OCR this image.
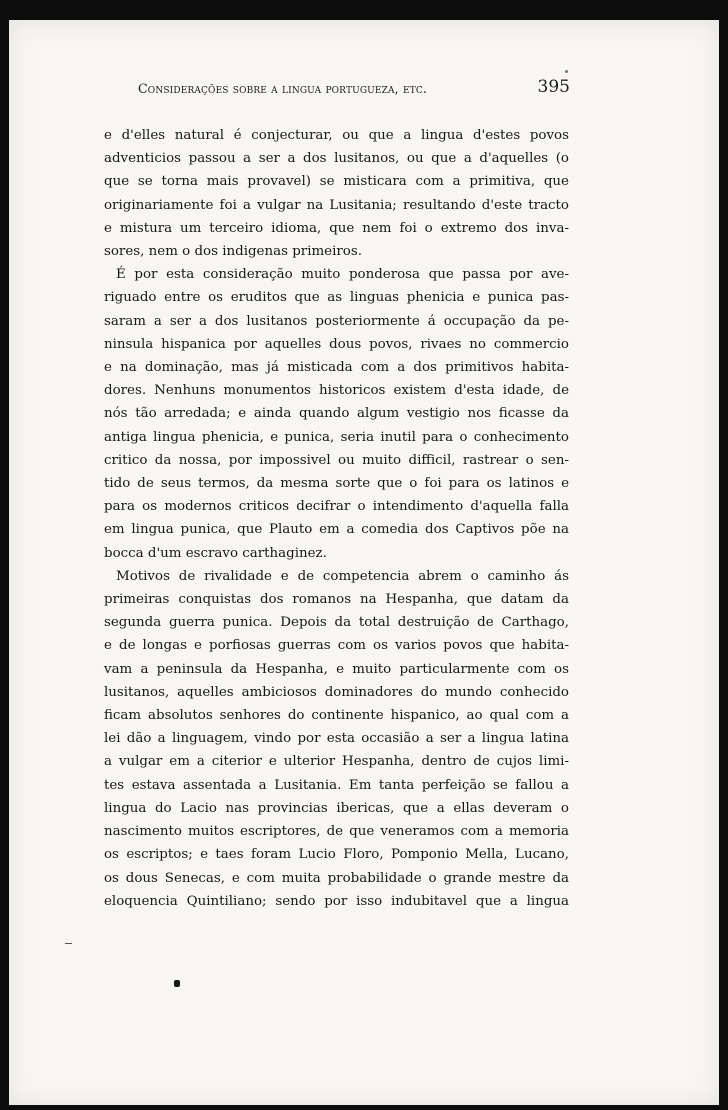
Considerações sobre a lingua portugueza, etc.	395

e d'elles natural é conjecturar, ou que a lingua d'estes povos

adventicios passou a ser a dos lusitanos, ou que a d'aquelles (o

que se torna mais provavel) se misticara com a primitiva, que

originariamente foi a vulgar na Lusitania; resultando d'este tracto

e mistura um terceiro idioma, que nem foi o extremo dos inva-

sores, nem o dos indigenas primeiros.

É por esta consideração muito ponderosa que passa por ave-

riguado entre os eruditos que as linguas phenicia e punica pas-

saram a ser a dos lusitanos posteriormente á occupação da pe-

ninsula hispanica por aquelles dous povos, rivaes no commercio

e na dominação, mas já misticada com a dos primitivos habita-

dores. Nenhuns monumentos historicos existem d'esta idade, de

nós tão arredada; e ainda quando algum vestigio nos ficasse da

antiga lingua phenicia, e punica, seria inutil para o conhecimento

critico da nossa, por impossivel ou muito difficil, rastrear o sen-

tido de seus termos, da mesma sorte que o foi para os latinos e

para os modernos criticos decifrar o intendimento d'aquella falla

em lingua punica, que Plauto em a comedia dos Captivos põe na

bocca d'um escravo carthaginez.

Motivos de rivalidade e de competencia abrem o caminho ás

primeiras conquistas dos romanos na Hespanha, que datam da

segunda guerra punica. Depois da total destruição de Carthago,

e de longas e porfiosas guerras com os varios povos que habita-

vam a peninsula da Hespanha, e muito particularmente com os

lusitanos, aquelles ambiciosos dominadores do mundo conhecido

ficam absolutos senhores do continente hispanico, ao qual com a

lei dão a linguagem, vindo por esta occasião a ser a lingua latina

a vulgar em a citerior e ulterior Hespanha, dentro de cujos limi-

tes estava assentada a Lusitania. Em tanta perfeição se fallou a

lingua do Lacio nas provincias ibericas, que a ellas deveram o

nascimento muitos escriptores, de que veneramos com a memoria

os escriptos; e taes foram Lucio Floro, Pomponio Mella, Lucano,

os dous Senecas, e com muita probabilidade o grande mestre da

eloquencia Quintiliano; sendo por isso indubitavel que a lingua
